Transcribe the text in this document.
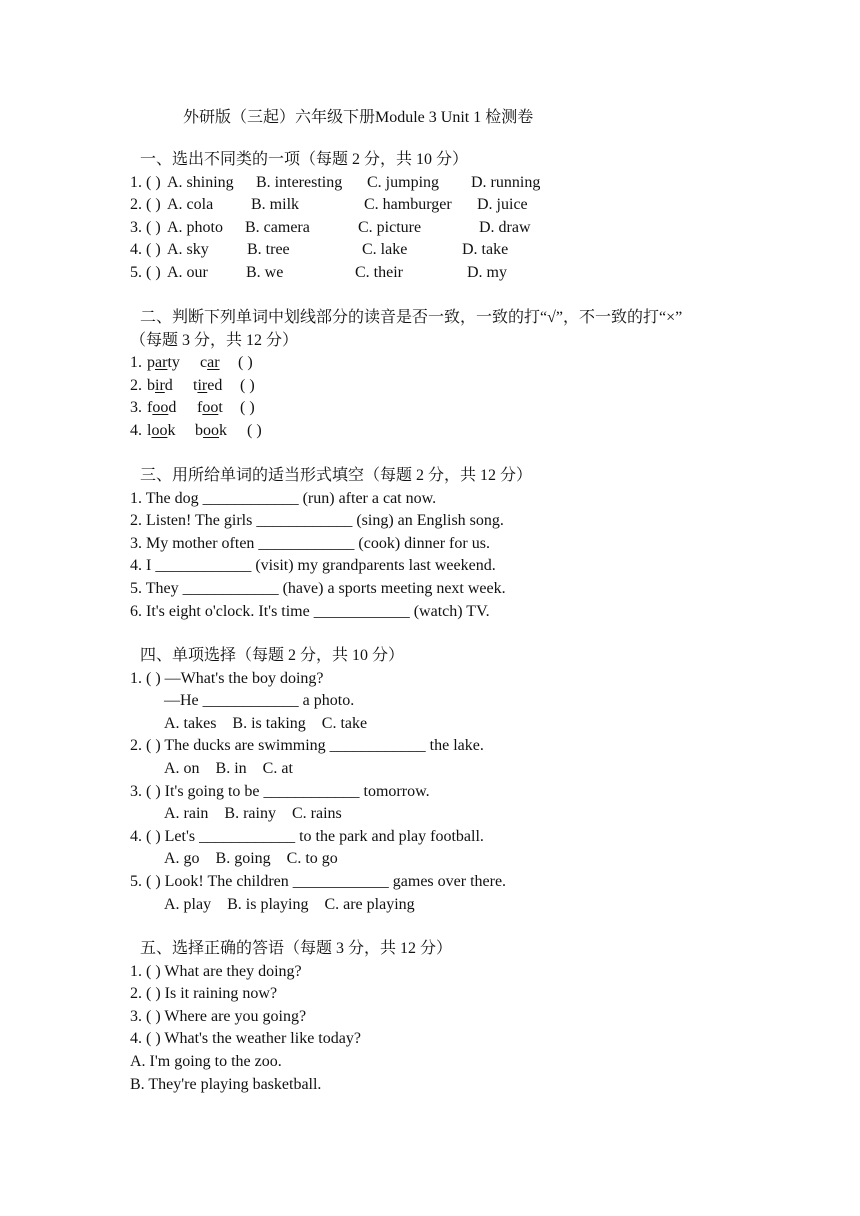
外研版（三起）六年级下册Module 3 Unit 1 检测卷
一、选出不同类的一项（每题 2 分，共 10 分）
1. ( ) A. shining B. interesting C. jumping D. running
2. ( ) A. cola B. milk	C. hamburger D. juice
3. ( ) A. photo B. camera	C. picture	D. draw
4. ( ) A. sky B. tree	C. lake	D. take
5. ( ) A. our B. we	C. their	D. my
二、判断下列单词中划线部分的读音是否一致，一致的打“√”，不一致的打“×”
（每题 3 分，共 12 分）
1. party car ( )
2. bird tired ( )
3. food foot ( )
4. look book ( )
三、用所给单词的适当形式填空（每题 2 分，共 12 分）
1. The dog ____________ (run) after a cat now.
2. Listen! The girls ____________ (sing) an English song.
3. My mother often ____________ (cook) dinner for us.
4. I ____________ (visit) my grandparents last weekend.
5. They ____________ (have) a sports meeting next week.
6. It's eight o'clock. It's time ____________ (watch) TV.
四、单项选择（每题 2 分，共 10 分）
1. ( ) —What's the boy doing?
—He ____________ a photo.
A. takes    B. is taking    C. take
2. ( ) The ducks are swimming ____________ the lake.
A. on    B. in    C. at
3. ( ) It's going to be ____________ tomorrow.
A. rain    B. rainy    C. rains
4. ( ) Let's ____________ to the park and play football.
A. go    B. going    C. to go
5. ( ) Look! The children ____________ games over there.
A. play    B. is playing    C. are playing
五、选择正确的答语（每题 3 分，共 12 分）
1. ( ) What are they doing?
2. ( ) Is it raining now?
3. ( ) Where are you going?
4. ( ) What's the weather like today?
A. I'm going to the zoo.
B. They're playing basketball.
